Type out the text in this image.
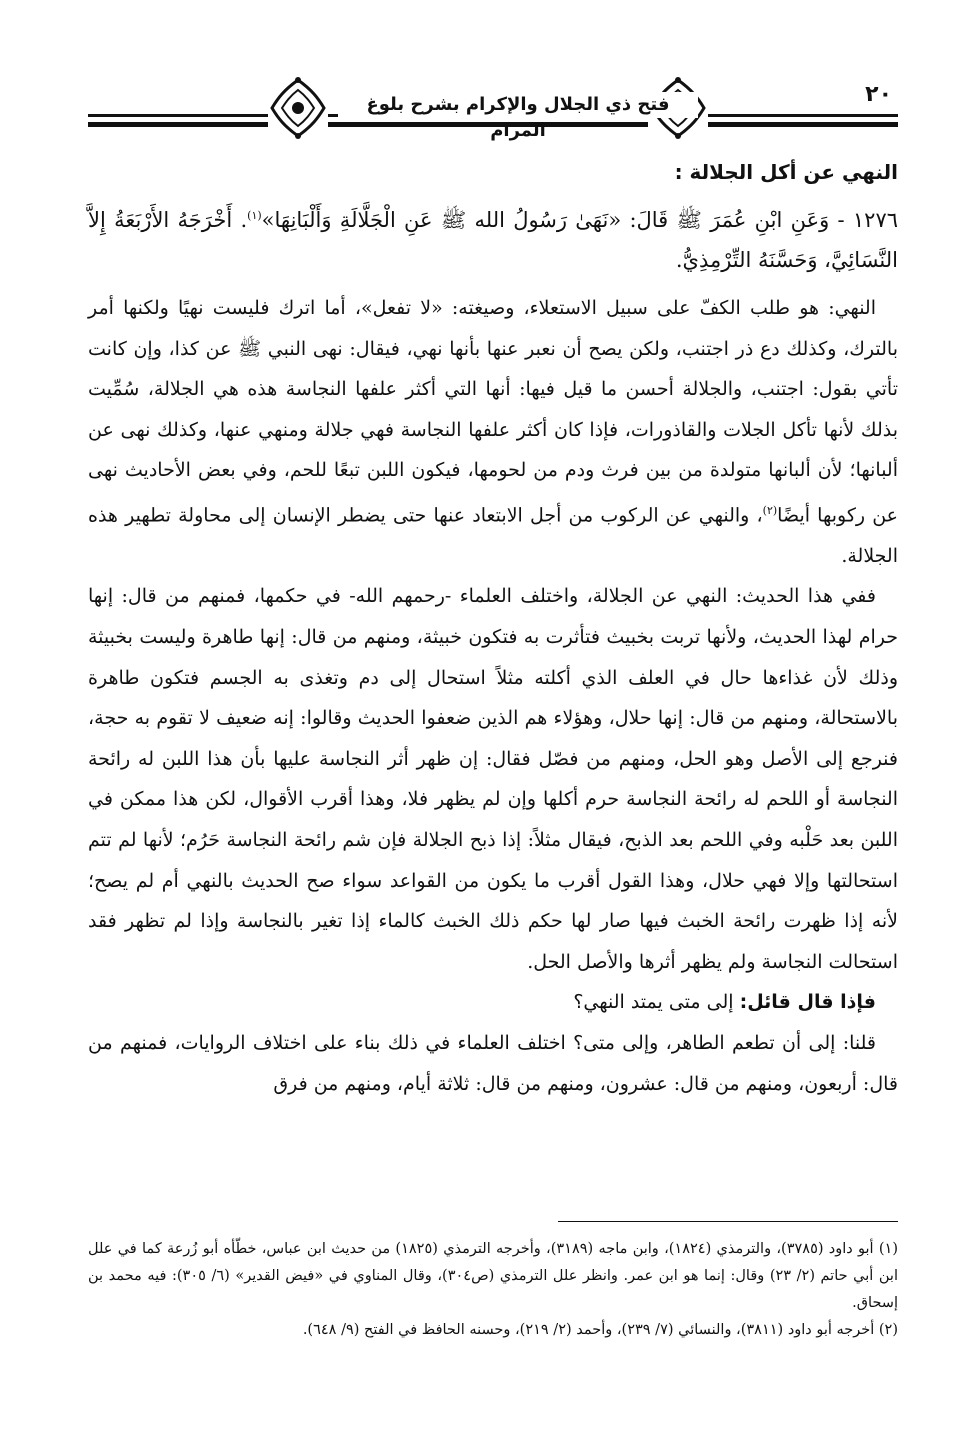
فتح ذي الجلال والإكرام بشرح بلوغ المرام
٢٠
النهي عن أكل الجلالة :

١٢٧٦ - وَعَنِ ابْنِ عُمَرَ ﷺ قَالَ: «نَهَىٰ رَسُولُ الله ﷺ عَنِ الْجَلَّالَةِ وَأَلْبَانِهَا»$^{(١)}$. أَخْرَجَهُ الأَرْبَعَةُ إِلاَّ النَّسَائِيَّ، وَحَسَّنَهُ التِّرْمِذِيُّ.

النهي: هو طلب الكفّ على سبيل الاستعلاء، وصيغته: «لا تفعل»، أما اترك فليست نهيًا ولكنها أمر بالترك، وكذلك دع ذر اجتنب، ولكن يصح أن نعبر عنها بأنها نهي، فيقال: نهى النبي ﷺ عن كذا، وإن كانت تأتي بقول: اجتنب، والجلالة أحسن ما قيل فيها: أنها التي أكثر علفها النجاسة هذه هي الجلالة، سُمِّيت بذلك لأنها تأكل الجلات والقاذورات، فإذا كان أكثر علفها النجاسة فهي جلالة ومنهي عنها، وكذلك نهى عن ألبانها؛ لأن ألبانها متولدة من بين فرث ودم من لحومها، فيكون اللبن تبعًا للحم، وفي بعض الأحاديث نهى عن ركوبها أيضًا$^{(٢)}$، والنهي عن الركوب من أجل الابتعاد عنها حتى يضطر الإنسان إلى محاولة تطهير هذه الجلالة.

ففي هذا الحديث: النهي عن الجلالة، واختلف العلماء -رحمهم الله- في حكمها، فمنهم من قال: إنها حرام لهذا الحديث، ولأنها تربت بخبيث فتأثرت به فتكون خبيثة، ومنهم من قال: إنها طاهرة وليست بخبيثة وذلك لأن غذاءها حال في العلف الذي أكلته مثلاً استحال إلى دم وتغذى به الجسم فتكون طاهرة بالاستحالة، ومنهم من قال: إنها حلال، وهؤلاء هم الذين ضعفوا الحديث وقالوا: إنه ضعيف لا تقوم به حجة، فنرجع إلى الأصل وهو الحل، ومنهم من فصّل فقال: إن ظهر أثر النجاسة عليها بأن هذا اللبن له رائحة النجاسة أو اللحم له رائحة النجاسة حرم أكلها وإن لم يظهر فلا، وهذا أقرب الأقوال، لكن هذا ممكن في اللبن بعد حَلْبه وفي اللحم بعد الذبح، فيقال مثلاً: إذا ذبح الجلالة فإن شم رائحة النجاسة حَرُم؛ لأنها لم تتم استحالتها وإلا فهي حلال، وهذا القول أقرب ما يكون من القواعد سواء صح الحديث بالنهي أم لم يصح؛ لأنه إذا ظهرت رائحة الخبث فيها صار لها حكم ذلك الخبث كالماء إذا تغير بالنجاسة وإذا لم تظهر فقد استحالت النجاسة ولم يظهر أثرها والأصل الحل.

فإذا قال قائل: إلى متى يمتد النهي؟

قلنا: إلى أن تطعم الطاهر، وإلى متى؟ اختلف العلماء في ذلك بناء على اختلاف الروايات، فمنهم من قال: أربعون، ومنهم من قال: عشرون، ومنهم من قال: ثلاثة أيام، ومنهم من فرق

(١) أبو داود (٣٧٨٥)، والترمذي (١٨٢٤)، وابن ماجه (٣١٨٩)، وأخرجه الترمذي (١٨٢٥) من حديث ابن عباس، خطّأه أبو زُرعة كما في علل ابن أبي حاتم (٢/ ٢٣) وقال: إنما هو ابن عمر. وانظر علل الترمذي (ص٣٠٤)، وقال المناوي في «فيض القدير» (٦/ ٣٠٥): فيه محمد بن إسحاق.

(٢) أخرجه أبو داود (٣٨١١)، والنسائي (٧/ ٢٣٩)، وأحمد (٢/ ٢١٩)، وحسنه الحافظ في الفتح (٩/ ٦٤٨).
